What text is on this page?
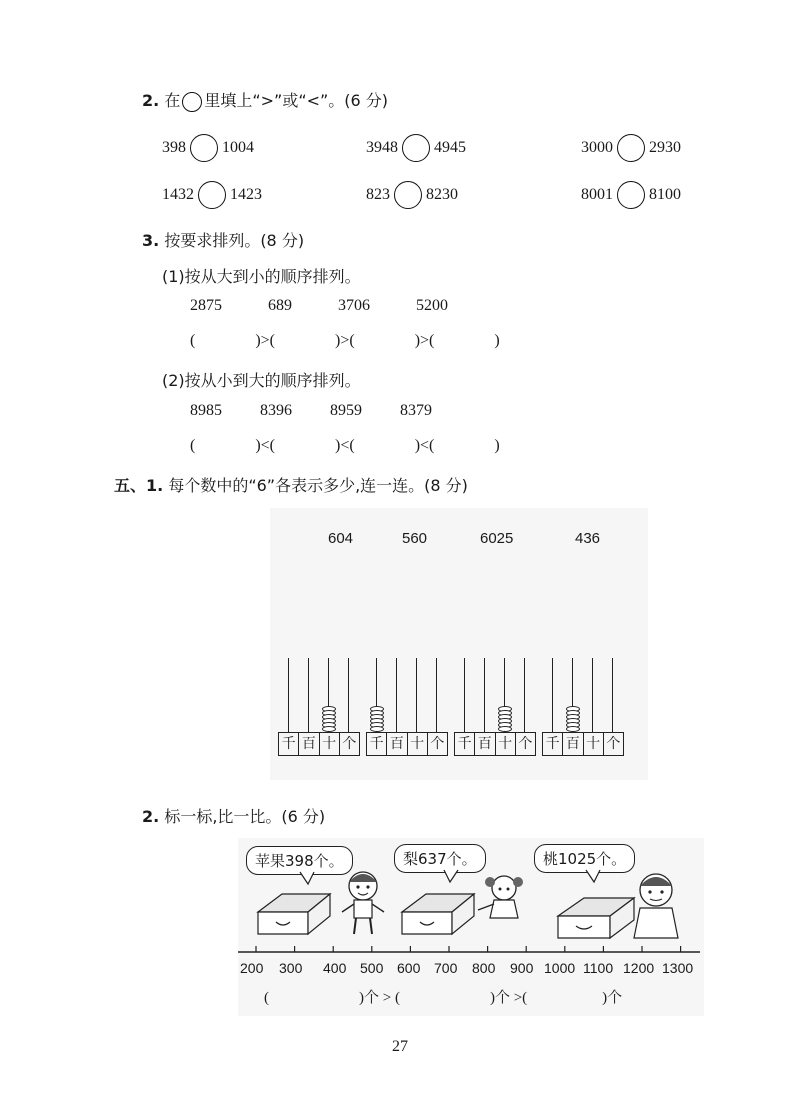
2. 在 里填上“>”或“<”。(6 分)
398 1004	3948 4945	3000 2930
1432 1423	823 8230	8001 8100
3. 按要求排列。(8 分)
(1)按从大到小的顺序排列。
2875	689	3706	5200
(               )>(               )>(               )>(               )
(2)按从小到大的顺序排列。
8985 8396 8959 8379
(               )<(               )<(               )<(               )
五、1. 每个数中的“6”各表示多少,连一连。(8 分)
604	560	6025	436
千 百 十 个 千 百 十 个 千 百 十 个 千 百 十 个
2. 标一标,比一比。(6 分)
苹果398个。	梨637个。	桃1025个。
200 300 400 500 600 700 800 900 1000 1100 1200 1300
(                        )个 > (                        )个 >(                    )个
27
